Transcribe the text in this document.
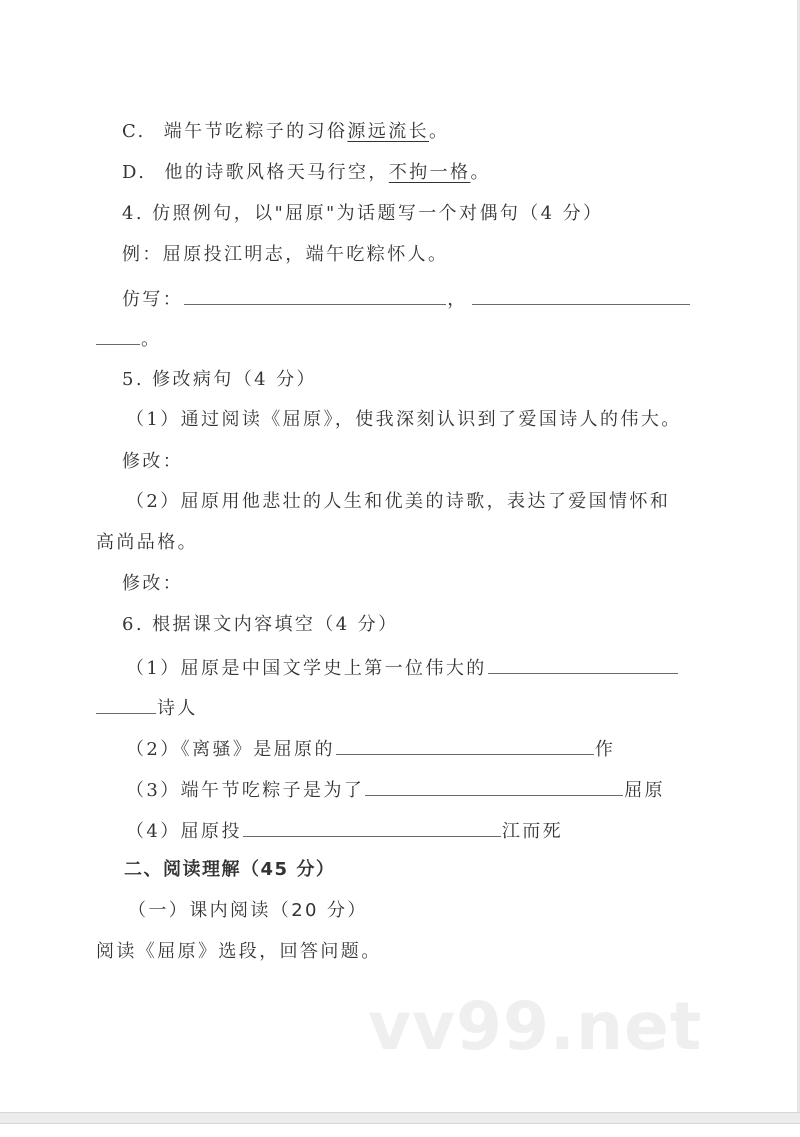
C. 端午节吃粽子的习俗源远流长。
D. 他的诗歌风格天马行空，不拘一格。
4. 仿照例句，以"屈原"为话题写一个对偶句（4 分）
例：屈原投江明志，端午吃粽怀人。
仿写：	，
。
5. 修改病句（4 分）
（1）通过阅读《屈原》，使我深刻认识到了爱国诗人的伟大。
修改：
（2）屈原用他悲壮的人生和优美的诗歌，表达了爱国情怀和
高尚品格。
修改：
6. 根据课文内容填空（4 分）
（1）屈原是中国文学史上第一位伟大的
诗人
（2）《离骚》是屈原的	作
（3）端午节吃粽子是为了	屈原
（4）屈原投	江而死
二、阅读理解（45 分）
（一）课内阅读（20 分）
阅读《屈原》选段，回答问题。
vv99.net
